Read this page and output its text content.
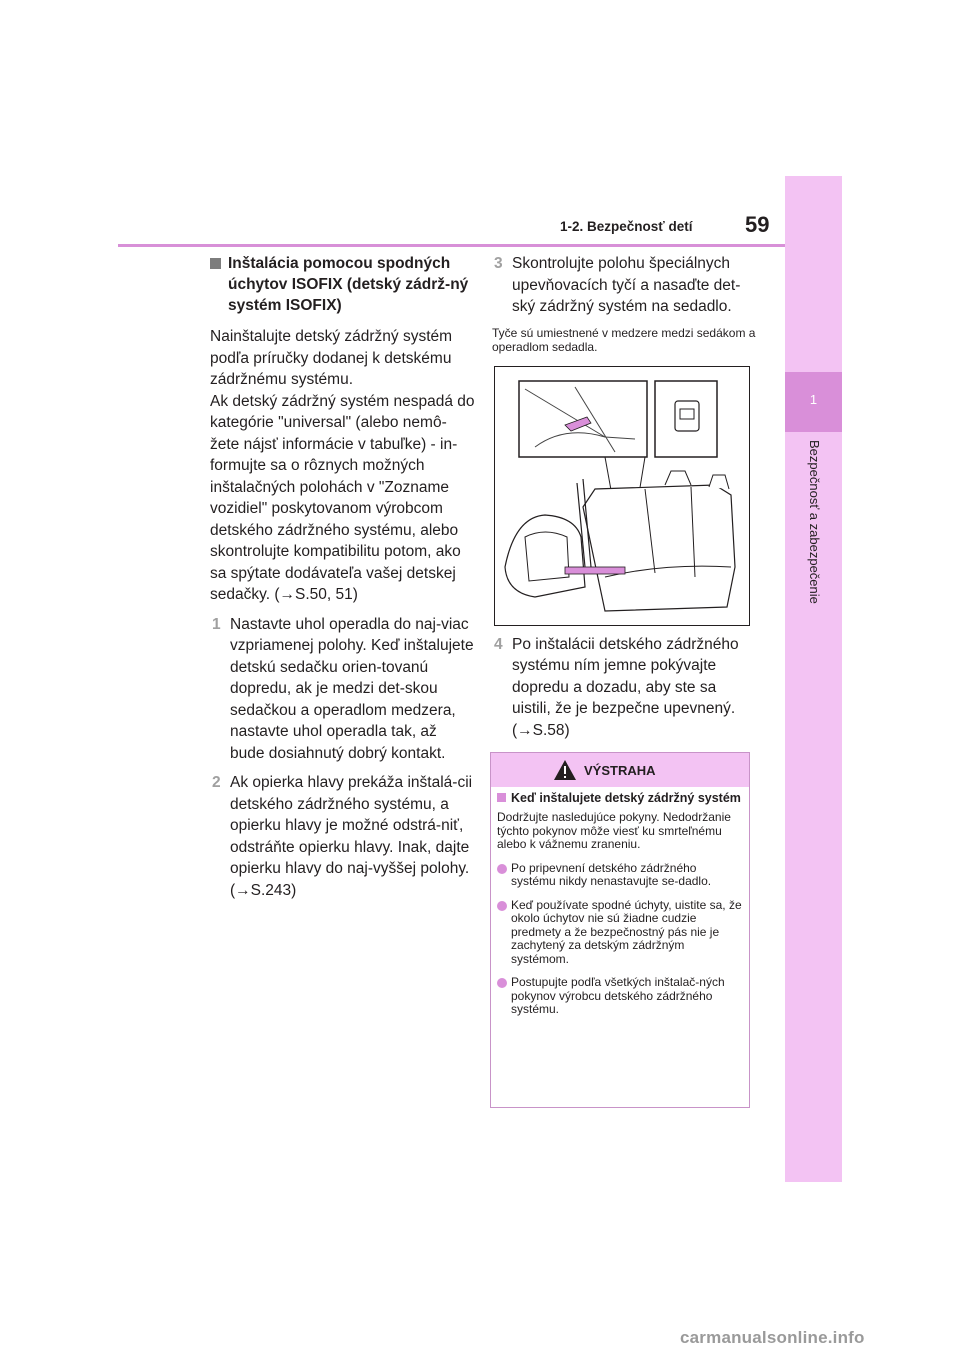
1-2. Bezpečnosť detí 59
1
Bezpečnosť a zabezpečenie
Inštalácia pomocou spodných úchytov ISOFIX (detský zádrž-ný systém ISOFIX)

Nainštalujte detský zádržný systém podľa príručky dodanej k detskému zádržnému systému.

Ak detský zádržný systém nespadá do kategórie "universal" (alebo nemô-žete nájsť informácie v tabuľke) - in-formujte sa o rôznych možných inštalačných polohách v "Zozname vozidiel" poskytovanom výrobcom detského zádržného systému, alebo skontrolujte kompatibilitu potom, ako sa spýtate dodávateľa vašej detskej sedačky. (→S.50, 51)

1 Nastavte uhol operadla do naj-viac vzpriamenej polohy. Keď inštalujete detskú sedačku orien-tovanú dopredu, ak je medzi det-skou sedačkou a operadlom medzera, nastavte uhol operadla tak, až bude dosiahnutý dobrý kontakt.
2 Ak opierka hlavy prekáža inštalá-cii detského zádržného systému, a opierku hlavy je možné odstrá-niť, odstráňte opierku hlavy. Inak, dajte opierku hlavy do naj-vyššej polohy. (→S.243)
3 Skontrolujte polohu špeciálnych upevňovacích tyčí a nasaďte det-ský zádržný systém na sedadlo.

Tyče sú umiestnené v medzere medzi sedákom a operadlom sedadla.

4 Po inštalácii detského zádržného systému ním jemne pokývajte dopredu a dozadu, aby ste sa uistili, že je bezpečne upevnený. (→S.58)
VÝSTRAHA
Keď inštalujete detský zádržný systém

Dodržujte nasledujúce pokyny. Nedodržanie týchto pokynov môže viesť ku smrteľnému alebo k vážnemu zraneniu.

Po pripevnení detského zádržného systému nikdy nenastavujte se-dadlo.
Keď používate spodné úchyty, uistite sa, že okolo úchytov nie sú žiadne cudzie predmety a že bezpečnostný pás nie je zachytený za detským zádržným systémom.
Postupujte podľa všetkých inštalač-ných pokynov výrobcu detského zádržného systému.
carmanualsonline.info
